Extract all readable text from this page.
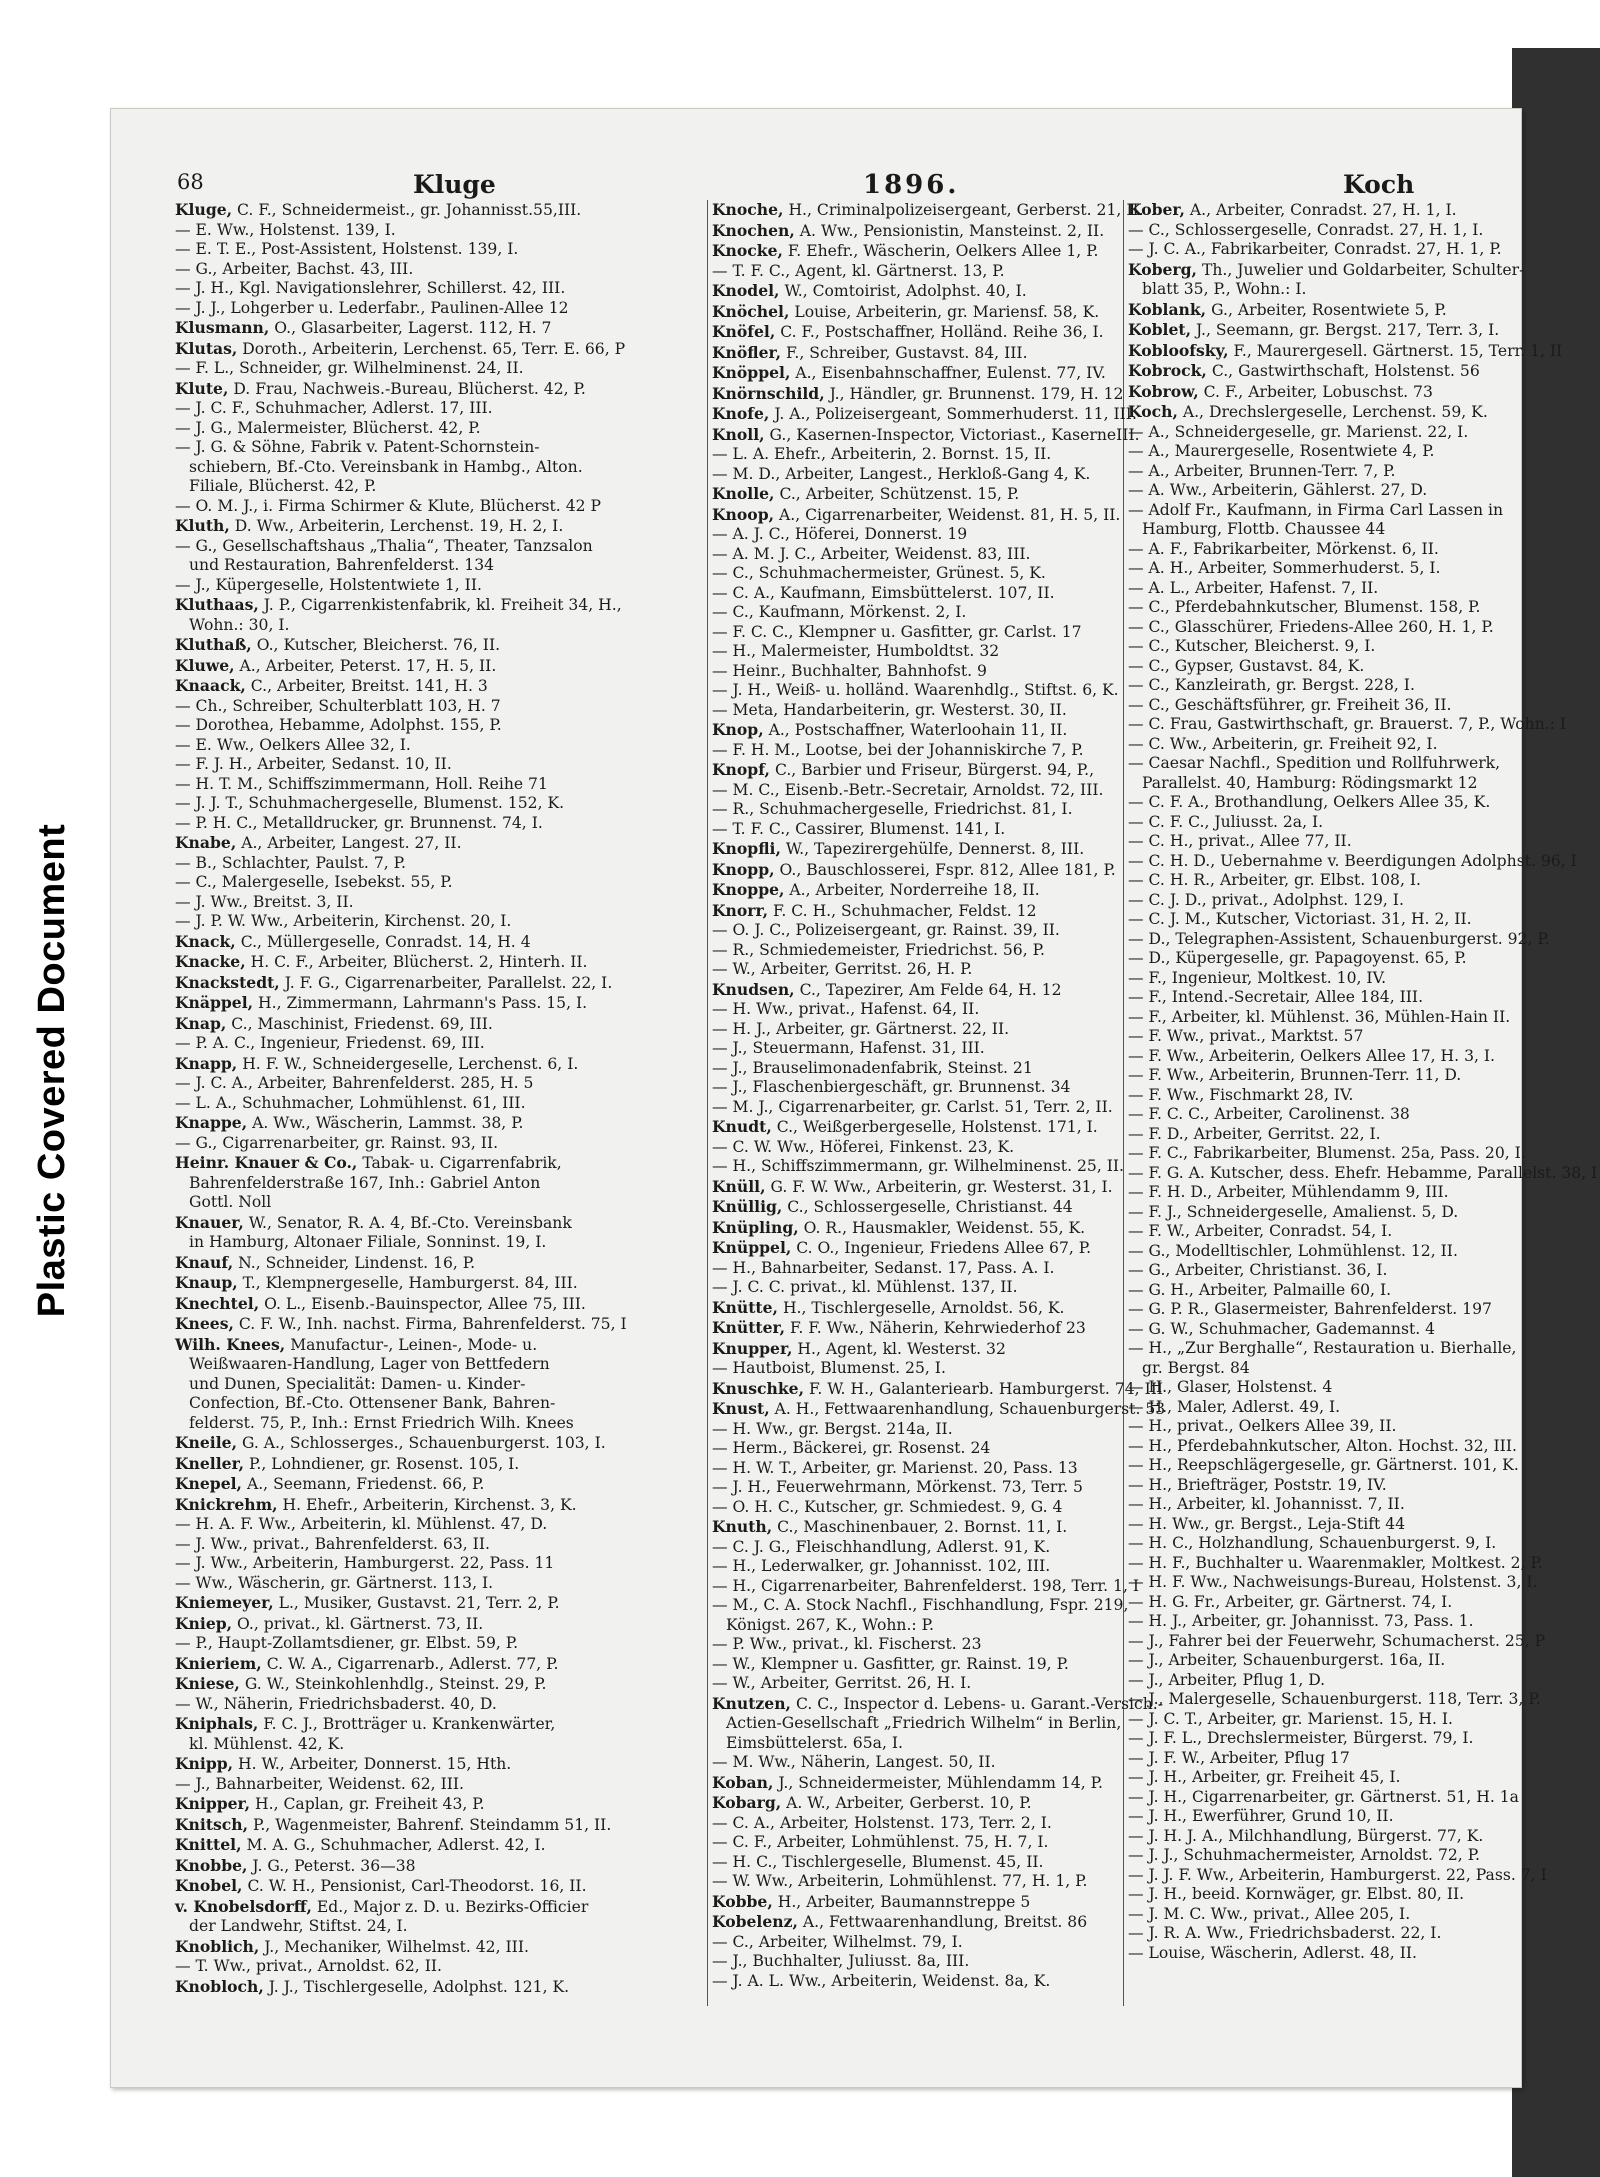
Plastic Covered Document
68	Kluge	1896.	Koch
Kluge, C. F., Schneidermeist., gr. Johannisst.55,III.
— E. Ww., Holstenst. 139, I.
— E. T. E., Post-Assistent, Holstenst. 139, I.
— G., Arbeiter, Bachst. 43, III.
— J. H., Kgl. Navigationslehrer, Schillerst. 42, III.
— J. J., Lohgerber u. Lederfabr., Paulinen-Allee 12
Klusmann, O., Glasarbeiter, Lagerst. 112, H. 7
Klutas, Doroth., Arbeiterin, Lerchenst. 65, Terr. E. 66, P
— F. L., Schneider, gr. Wilhelminenst. 24, II.
Klute, D. Frau, Nachweis.-Bureau, Blücherst. 42, P.
— J. C. F., Schuhmacher, Adlerst. 17, III.
— J. G., Malermeister, Blücherst. 42, P.
— J. G. & Söhne, Fabrik v. Patent-Schornstein-
schiebern, Bf.-Cto. Vereinsbank in Hambg., Alton.
Filiale, Blücherst. 42, P.
— O. M. J., i. Firma Schirmer & Klute, Blücherst. 42 P
Kluth, D. Ww., Arbeiterin, Lerchenst. 19, H. 2, I.
— G., Gesellschaftshaus „Thalia“, Theater, Tanzsalon
und Restauration, Bahrenfelderst. 134
— J., Küpergeselle, Holstentwiete 1, II.
Kluthaas, J. P., Cigarrenkistenfabrik, kl. Freiheit 34, H.,
Wohn.: 30, I.
Kluthaß, O., Kutscher, Bleicherst. 76, II.
Kluwe, A., Arbeiter, Peterst. 17, H. 5, II.
Knaack, C., Arbeiter, Breitst. 141, H. 3
— Ch., Schreiber, Schulterblatt 103, H. 7
— Dorothea, Hebamme, Adolphst. 155, P.
— E. Ww., Oelkers Allee 32, I.
— F. J. H., Arbeiter, Sedanst. 10, II.
— H. T. M., Schiffszimmermann, Holl. Reihe 71
— J. J. T., Schuhmachergeselle, Blumenst. 152, K.
— P. H. C., Metalldrucker, gr. Brunnenst. 74, I.
Knabe, A., Arbeiter, Langest. 27, II.
— B., Schlachter, Paulst. 7, P.
— C., Malergeselle, Isebekst. 55, P.
— J. Ww., Breitst. 3, II.
— J. P. W. Ww., Arbeiterin, Kirchenst. 20, I.
Knack, C., Müllergeselle, Conradst. 14, H. 4
Knacke, H. C. F., Arbeiter, Blücherst. 2, Hinterh. II.
Knackstedt, J. F. G., Cigarrenarbeiter, Parallelst. 22, I.
Knäppel, H., Zimmermann, Lahrmann's Pass. 15, I.
Knap, C., Maschinist, Friedenst. 69, III.
— P. A. C., Ingenieur, Friedenst. 69, III.
Knapp, H. F. W., Schneidergeselle, Lerchenst. 6, I.
— J. C. A., Arbeiter, Bahrenfelderst. 285, H. 5
— L. A., Schuhmacher, Lohmühlenst. 61, III.
Knappe, A. Ww., Wäscherin, Lammst. 38, P.
— G., Cigarrenarbeiter, gr. Rainst. 93, II.
Heinr. Knauer & Co., Tabak- u. Cigarrenfabrik,
Bahrenfelderstraße 167, Inh.: Gabriel Anton
Gottl. Noll
Knauer, W., Senator, R. A. 4, Bf.-Cto. Vereinsbank
in Hamburg, Altonaer Filiale, Sonninst. 19, I.
Knauf, N., Schneider, Lindenst. 16, P.
Knaup, T., Klempnergeselle, Hamburgerst. 84, III.
Knechtel, O. L., Eisenb.-Bauinspector, Allee 75, III.
Knees, C. F. W., Inh. nachst. Firma, Bahrenfelderst. 75, I
Wilh. Knees, Manufactur-, Leinen-, Mode- u.
Weißwaaren-Handlung, Lager von Bettfedern
und Dunen, Specialität: Damen- u. Kinder-
Confection, Bf.-Cto. Ottensener Bank, Bahren-
felderst. 75, P., Inh.: Ernst Friedrich Wilh. Knees
Kneile, G. A., Schlosserges., Schauenburgerst. 103, I.
Kneller, P., Lohndiener, gr. Rosenst. 105, I.
Knepel, A., Seemann, Friedenst. 66, P.
Knickrehm, H. Ehefr., Arbeiterin, Kirchenst. 3, K.
— H. A. F. Ww., Arbeiterin, kl. Mühlenst. 47, D.
— J. Ww., privat., Bahrenfelderst. 63, II.
— J. Ww., Arbeiterin, Hamburgerst. 22, Pass. 11
— Ww., Wäscherin, gr. Gärtnerst. 113, I.
Kniemeyer, L., Musiker, Gustavst. 21, Terr. 2, P.
Kniep, O., privat., kl. Gärtnerst. 73, II.
— P., Haupt-Zollamtsdiener, gr. Elbst. 59, P.
Knieriem, C. W. A., Cigarrenarb., Adlerst. 77, P.
Kniese, G. W., Steinkohlenhdlg., Steinst. 29, P.
— W., Näherin, Friedrichsbaderst. 40, D.
Kniphals, F. C. J., Brotträger u. Krankenwärter,
kl. Mühlenst. 42, K.
Knipp, H. W., Arbeiter, Donnerst. 15, Hth.
— J., Bahnarbeiter, Weidenst. 62, III.
Knipper, H., Caplan, gr. Freiheit 43, P.
Knitsch, P., Wagenmeister, Bahrenf. Steindamm 51, II.
Knittel, M. A. G., Schuhmacher, Adlerst. 42, I.
Knobbe, J. G., Peterst. 36—38
Knobel, C. W. H., Pensionist, Carl-Theodorst. 16, II.
v. Knobelsdorff, Ed., Major z. D. u. Bezirks-Officier
der Landwehr, Stiftst. 24, I.
Knoblich, J., Mechaniker, Wilhelmst. 42, III.
— T. Ww., privat., Arnoldst. 62, II.
Knobloch, J. J., Tischlergeselle, Adolphst. 121, K.
Knoche, H., Criminalpolizeisergeant, Gerberst. 21, II.
Knochen, A. Ww., Pensionistin, Mansteinst. 2, II.
Knocke, F. Ehefr., Wäscherin, Oelkers Allee 1, P.
— T. F. C., Agent, kl. Gärtnerst. 13, P.
Knodel, W., Comtoirist, Adolphst. 40, I.
Knöchel, Louise, Arbeiterin, gr. Mariensf. 58, K.
Knöfel, C. F., Postschaffner, Holländ. Reihe 36, I.
Knöfler, F., Schreiber, Gustavst. 84, III.
Knöppel, A., Eisenbahnschaffner, Eulenst. 77, IV.
Knörnschild, J., Händler, gr. Brunnenst. 179, H. 12
Knofe, J. A., Polizeisergeant, Sommerhuderst. 11, III.
Knoll, G., Kasernen-Inspector, Victoriast., KaserneIII.
— L. A. Ehefr., Arbeiterin, 2. Bornst. 15, II.
— M. D., Arbeiter, Langest., Herkloß-Gang 4, K.
Knolle, C., Arbeiter, Schützenst. 15, P.
Knoop, A., Cigarrenarbeiter, Weidenst. 81, H. 5, II.
— A. J. C., Höferei, Donnerst. 19
— A. M. J. C., Arbeiter, Weidenst. 83, III.
— C., Schuhmachermeister, Grünest. 5, K.
— C. A., Kaufmann, Eimsbüttelerst. 107, II.
— C., Kaufmann, Mörkenst. 2, I.
— F. C. C., Klempner u. Gasfitter, gr. Carlst. 17
— H., Malermeister, Humboldtst. 32
— Heinr., Buchhalter, Bahnhofst. 9
— J. H., Weiß- u. holländ. Waarenhdlg., Stiftst. 6, K.
— Meta, Handarbeiterin, gr. Westerst. 30, II.
Knop, A., Postschaffner, Waterloohain 11, II.
— F. H. M., Lootse, bei der Johanniskirche 7, P.
Knopf, C., Barbier und Friseur, Bürgerst. 94, P.,
— M. C., Eisenb.-Betr.-Secretair, Arnoldst. 72, III.
— R., Schuhmachergeselle, Friedrichst. 81, I.
— T. F. C., Cassirer, Blumenst. 141, I.
Knopfli, W., Tapezirergehülfe, Dennerst. 8, III.
Knopp, O., Bauschlosserei, Fspr. 812, Allee 181, P.
Knoppe, A., Arbeiter, Norderreihe 18, II.
Knorr, F. C. H., Schuhmacher, Feldst. 12
— O. J. C., Polizeisergeant, gr. Rainst. 39, II.
— R., Schmiedemeister, Friedrichst. 56, P.
— W., Arbeiter, Gerritst. 26, H. P.
Knudsen, C., Tapezirer, Am Felde 64, H. 12
— H. Ww., privat., Hafenst. 64, II.
— H. J., Arbeiter, gr. Gärtnerst. 22, II.
— J., Steuermann, Hafenst. 31, III.
— J., Brauselimonadenfabrik, Steinst. 21
— J., Flaschenbiergeschäft, gr. Brunnenst. 34
— M. J., Cigarrenarbeiter, gr. Carlst. 51, Terr. 2, II.
Knudt, C., Weißgerbergeselle, Holstenst. 171, I.
— C. W. Ww., Höferei, Finkenst. 23, K.
— H., Schiffszimmermann, gr. Wilhelminenst. 25, II.
Knüll, G. F. W. Ww., Arbeiterin, gr. Westerst. 31, I.
Knüllig, C., Schlossergeselle, Christianst. 44
Knüpling, O. R., Hausmakler, Weidenst. 55, K.
Knüppel, C. O., Ingenieur, Friedens Allee 67, P.
— H., Bahnarbeiter, Sedanst. 17, Pass. A. I.
— J. C. C. privat., kl. Mühlenst. 137, II.
Knütte, H., Tischlergeselle, Arnoldst. 56, K.
Knütter, F. F. Ww., Näherin, Kehrwiederhof 23
Knupper, H., Agent, kl. Westerst. 32
— Hautboist, Blumenst. 25, I.
Knuschke, F. W. H., Galanteriearb. Hamburgerst. 74, III
Knust, A. H., Fettwaarenhandlung, Schauenburgerst. 53
— H. Ww., gr. Bergst. 214a, II.
— Herm., Bäckerei, gr. Rosenst. 24
— H. W. T., Arbeiter, gr. Marienst. 20, Pass. 13
— J. H., Feuerwehrmann, Mörkenst. 73, Terr. 5
— O. H. C., Kutscher, gr. Schmiedest. 9, G. 4
Knuth, C., Maschinenbauer, 2. Bornst. 11, I.
— C. J. G., Fleischhandlung, Adlerst. 91, K.
— H., Lederwalker, gr. Johannisst. 102, III.
— H., Cigarrenarbeiter, Bahrenfelderst. 198, Terr. 1, I
— M., C. A. Stock Nachfl., Fischhandlung, Fspr. 219,
Königst. 267, K., Wohn.: P.
— P. Ww., privat., kl. Fischerst. 23
— W., Klempner u. Gasfitter, gr. Rainst. 19, P.
— W., Arbeiter, Gerritst. 26, H. I.
Knutzen, C. C., Inspector d. Lebens- u. Garant.-Versich.-
Actien-Gesellschaft „Friedrich Wilhelm“ in Berlin,
Eimsbüttelerst. 65a, I.
— M. Ww., Näherin, Langest. 50, II.
Koban, J., Schneidermeister, Mühlendamm 14, P.
Kobarg, A. W., Arbeiter, Gerberst. 10, P.
— C. A., Arbeiter, Holstenst. 173, Terr. 2, I.
— C. F., Arbeiter, Lohmühlenst. 75, H. 7, I.
— H. C., Tischlergeselle, Blumenst. 45, II.
— W. Ww., Arbeiterin, Lohmühlenst. 77, H. 1, P.
Kobbe, H., Arbeiter, Baumannstreppe 5
Kobelenz, A., Fettwaarenhandlung, Breitst. 86
— C., Arbeiter, Wilhelmst. 79, I.
— J., Buchhalter, Juliusst. 8a, III.
— J. A. L. Ww., Arbeiterin, Weidenst. 8a, K.
Kober, A., Arbeiter, Conradst. 27, H. 1, I.
— C., Schlossergeselle, Conradst. 27, H. 1, I.
— J. C. A., Fabrikarbeiter, Conradst. 27, H. 1, P.
Koberg, Th., Juwelier und Goldarbeiter, Schulter-
blatt 35, P., Wohn.: I.
Koblank, G., Arbeiter, Rosentwiete 5, P.
Koblet, J., Seemann, gr. Bergst. 217, Terr. 3, I.
Kobloofsky, F., Maurergesell. Gärtnerst. 15, Terr. 1, II
Kobrock, C., Gastwirthschaft, Holstenst. 56
Kobrow, C. F., Arbeiter, Lobuschst. 73
Koch, A., Drechslergeselle, Lerchenst. 59, K.
— A., Schneidergeselle, gr. Marienst. 22, I.
— A., Maurergeselle, Rosentwiete 4, P.
— A., Arbeiter, Brunnen-Terr. 7, P.
— A. Ww., Arbeiterin, Gählerst. 27, D.
— Adolf Fr., Kaufmann, in Firma Carl Lassen in
Hamburg, Flottb. Chaussee 44
— A. F., Fabrikarbeiter, Mörkenst. 6, II.
— A. H., Arbeiter, Sommerhuderst. 5, I.
— A. L., Arbeiter, Hafenst. 7, II.
— C., Pferdebahnkutscher, Blumenst. 158, P.
— C., Glasschürer, Friedens-Allee 260, H. 1, P.
— C., Kutscher, Bleicherst. 9, I.
— C., Gypser, Gustavst. 84, K.
— C., Kanzleirath, gr. Bergst. 228, I.
— C., Geschäftsführer, gr. Freiheit 36, II.
— C. Frau, Gastwirthschaft, gr. Brauerst. 7, P., Wohn.: I
— C. Ww., Arbeiterin, gr. Freiheit 92, I.
— Caesar Nachfl., Spedition und Rollfuhrwerk,
Parallelst. 40, Hamburg: Rödingsmarkt 12
— C. F. A., Brothandlung, Oelkers Allee 35, K.
— C. F. C., Juliusst. 2a, I.
— C. H., privat., Allee 77, II.
— C. H. D., Uebernahme v. Beerdigungen Adolphst. 96, I
— C. H. R., Arbeiter, gr. Elbst. 108, I.
— C. J. D., privat., Adolphst. 129, I.
— C. J. M., Kutscher, Victoriast. 31, H. 2, II.
— D., Telegraphen-Assistent, Schauenburgerst. 92, P.
— D., Küpergeselle, gr. Papagoyenst. 65, P.
— F., Ingenieur, Moltkest. 10, IV.
— F., Intend.-Secretair, Allee 184, III.
— F., Arbeiter, kl. Mühlenst. 36, Mühlen-Hain II.
— F. Ww., privat., Marktst. 57
— F. Ww., Arbeiterin, Oelkers Allee 17, H. 3, I.
— F. Ww., Arbeiterin, Brunnen-Terr. 11, D.
— F. Ww., Fischmarkt 28, IV.
— F. C. C., Arbeiter, Carolinenst. 38
— F. D., Arbeiter, Gerritst. 22, I.
— F. C., Fabrikarbeiter, Blumenst. 25a, Pass. 20, I.
— F. G. A. Kutscher, dess. Ehefr. Hebamme, Parallelst. 38, I
— F. H. D., Arbeiter, Mühlendamm 9, III.
— F. J., Schneidergeselle, Amalienst. 5, D.
— F. W., Arbeiter, Conradst. 54, I.
— G., Modelltischler, Lohmühlenst. 12, II.
— G., Arbeiter, Christianst. 36, I.
— G. H., Arbeiter, Palmaille 60, I.
— G. P. R., Glasermeister, Bahrenfelderst. 197
— G. W., Schuhmacher, Gademannst. 4
— H., „Zur Berghalle“, Restauration u. Bierhalle,
gr. Bergst. 84
— H., Glaser, Holstenst. 4
— H., Maler, Adlerst. 49, I.
— H., privat., Oelkers Allee 39, II.
— H., Pferdebahnkutscher, Alton. Hochst. 32, III.
— H., Reepschlägergeselle, gr. Gärtnerst. 101, K.
— H., Briefträger, Poststr. 19, IV.
— H., Arbeiter, kl. Johannisst. 7, II.
— H. Ww., gr. Bergst., Leja-Stift 44
— H. C., Holzhandlung, Schauenburgerst. 9, I.
— H. F., Buchhalter u. Waarenmakler, Moltkest. 2, P.
— H. F. Ww., Nachweisungs-Bureau, Holstenst. 3, I.
— H. G. Fr., Arbeiter, gr. Gärtnerst. 74, I.
— H. J., Arbeiter, gr. Johannisst. 73, Pass. 1.
— J., Fahrer bei der Feuerwehr, Schumacherst. 25, P
— J., Arbeiter, Schauenburgerst. 16a, II.
— J., Arbeiter, Pflug 1, D.
— J., Malergeselle, Schauenburgerst. 118, Terr. 3, P.
— J. C. T., Arbeiter, gr. Marienst. 15, H. I.
— J. F. L., Drechslermeister, Bürgerst. 79, I.
— J. F. W., Arbeiter, Pflug 17
— J. H., Arbeiter, gr. Freiheit 45, I.
— J. H., Cigarrenarbeiter, gr. Gärtnerst. 51, H. 1a
— J. H., Ewerführer, Grund 10, II.
— J. H. J. A., Milchhandlung, Bürgerst. 77, K.
— J. J., Schuhmachermeister, Arnoldst. 72, P.
— J. J. F. Ww., Arbeiterin, Hamburgerst. 22, Pass. 7, I
— J. H., beeid. Kornwäger, gr. Elbst. 80, II.
— J. M. C. Ww., privat., Allee 205, I.
— J. R. A. Ww., Friedrichsbaderst. 22, I.
— Louise, Wäscherin, Adlerst. 48, II.
